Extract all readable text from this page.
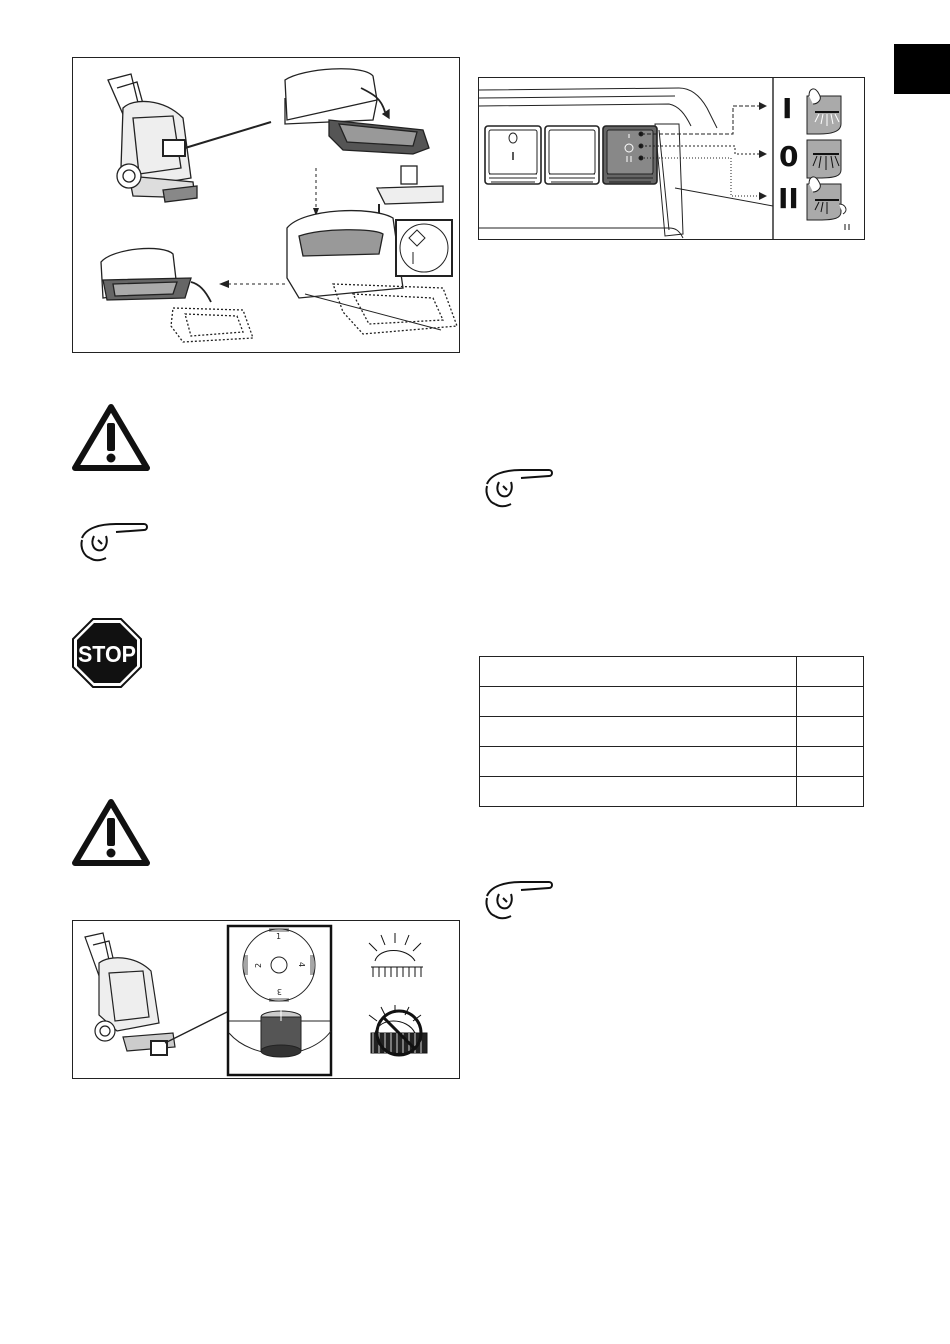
I
0
II
STOP

1
2
3
4
